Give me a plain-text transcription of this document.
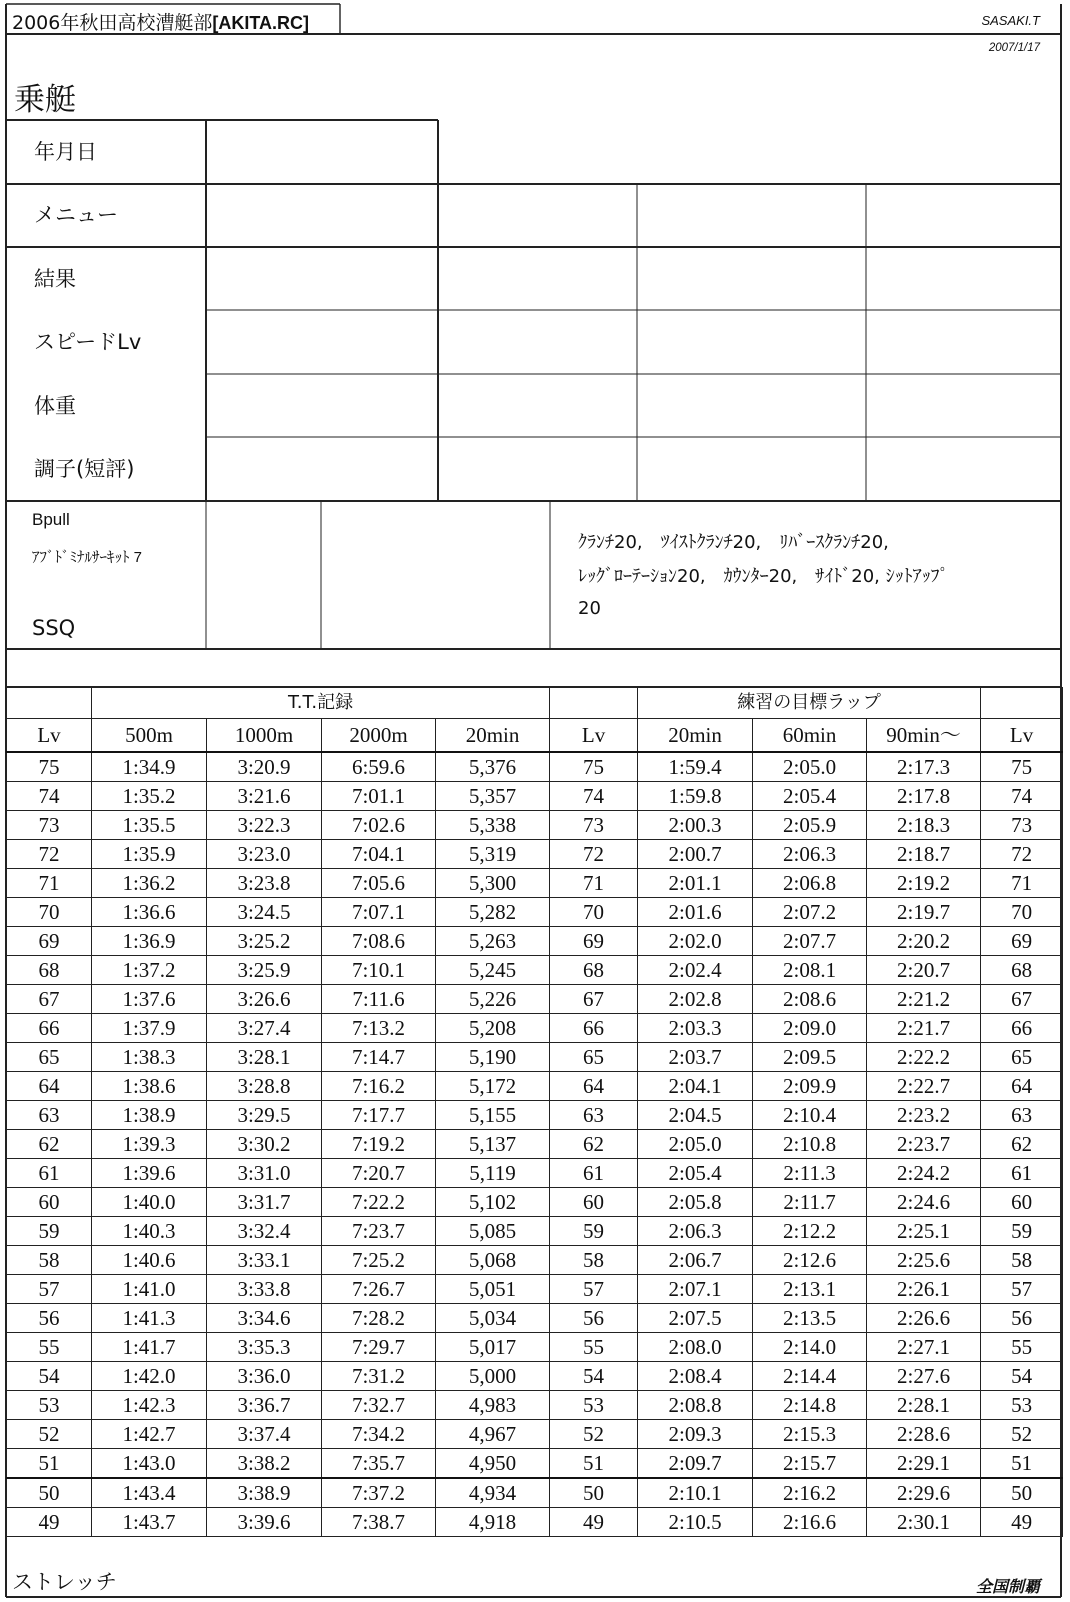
2006年秋田高校漕艇部[AKITA.RC]	SASAKI.T
2007/1/17
乗艇
年月日
メニュー
結果
スピードLv
体重
調子(短評)
Bpull
ｱﾌﾞﾄﾞﾐﾅﾙｻｰｷｯﾄ 7
SSQ
ｸﾗﾝﾁ20,　ﾂｲｽﾄｸﾗﾝﾁ20,　ﾘﾊﾞｰｽｸﾗﾝﾁ20,
ﾚｯｸﾞﾛｰﾃｰｼｮﾝ20,　ｶｳﾝﾀｰ20,　ｻｲﾄﾞ20, ｼｯﾄｱｯﾌﾟ
20
	T.T.記録					練習の目標ラップ			
Lv	500m	1000m	2000m	20min	Lv	20min	60min	90min〜	Lv
75	1:34.9	3:20.9	6:59.6	5,376	75	1:59.4	2:05.0	2:17.3	75
74	1:35.2	3:21.6	7:01.1	5,357	74	1:59.8	2:05.4	2:17.8	74
73	1:35.5	3:22.3	7:02.6	5,338	73	2:00.3	2:05.9	2:18.3	73
72	1:35.9	3:23.0	7:04.1	5,319	72	2:00.7	2:06.3	2:18.7	72
71	1:36.2	3:23.8	7:05.6	5,300	71	2:01.1	2:06.8	2:19.2	71
70	1:36.6	3:24.5	7:07.1	5,282	70	2:01.6	2:07.2	2:19.7	70
69	1:36.9	3:25.2	7:08.6	5,263	69	2:02.0	2:07.7	2:20.2	69
68	1:37.2	3:25.9	7:10.1	5,245	68	2:02.4	2:08.1	2:20.7	68
67	1:37.6	3:26.6	7:11.6	5,226	67	2:02.8	2:08.6	2:21.2	67
66	1:37.9	3:27.4	7:13.2	5,208	66	2:03.3	2:09.0	2:21.7	66
65	1:38.3	3:28.1	7:14.7	5,190	65	2:03.7	2:09.5	2:22.2	65
64	1:38.6	3:28.8	7:16.2	5,172	64	2:04.1	2:09.9	2:22.7	64
63	1:38.9	3:29.5	7:17.7	5,155	63	2:04.5	2:10.4	2:23.2	63
62	1:39.3	3:30.2	7:19.2	5,137	62	2:05.0	2:10.8	2:23.7	62
61	1:39.6	3:31.0	7:20.7	5,119	61	2:05.4	2:11.3	2:24.2	61
60	1:40.0	3:31.7	7:22.2	5,102	60	2:05.8	2:11.7	2:24.6	60
59	1:40.3	3:32.4	7:23.7	5,085	59	2:06.3	2:12.2	2:25.1	59
58	1:40.6	3:33.1	7:25.2	5,068	58	2:06.7	2:12.6	2:25.6	58
57	1:41.0	3:33.8	7:26.7	5,051	57	2:07.1	2:13.1	2:26.1	57
56	1:41.3	3:34.6	7:28.2	5,034	56	2:07.5	2:13.5	2:26.6	56
55	1:41.7	3:35.3	7:29.7	5,017	55	2:08.0	2:14.0	2:27.1	55
54	1:42.0	3:36.0	7:31.2	5,000	54	2:08.4	2:14.4	2:27.6	54
53	1:42.3	3:36.7	7:32.7	4,983	53	2:08.8	2:14.8	2:28.1	53
52	1:42.7	3:37.4	7:34.2	4,967	52	2:09.3	2:15.3	2:28.6	52
51	1:43.0	3:38.2	7:35.7	4,950	51	2:09.7	2:15.7	2:29.1	51
50	1:43.4	3:38.9	7:37.2	4,934	50	2:10.1	2:16.2	2:29.6	50
49	1:43.7	3:39.6	7:38.7	4,918	49	2:10.5	2:16.6	2:30.1	49
ストレッチ	全国制覇
